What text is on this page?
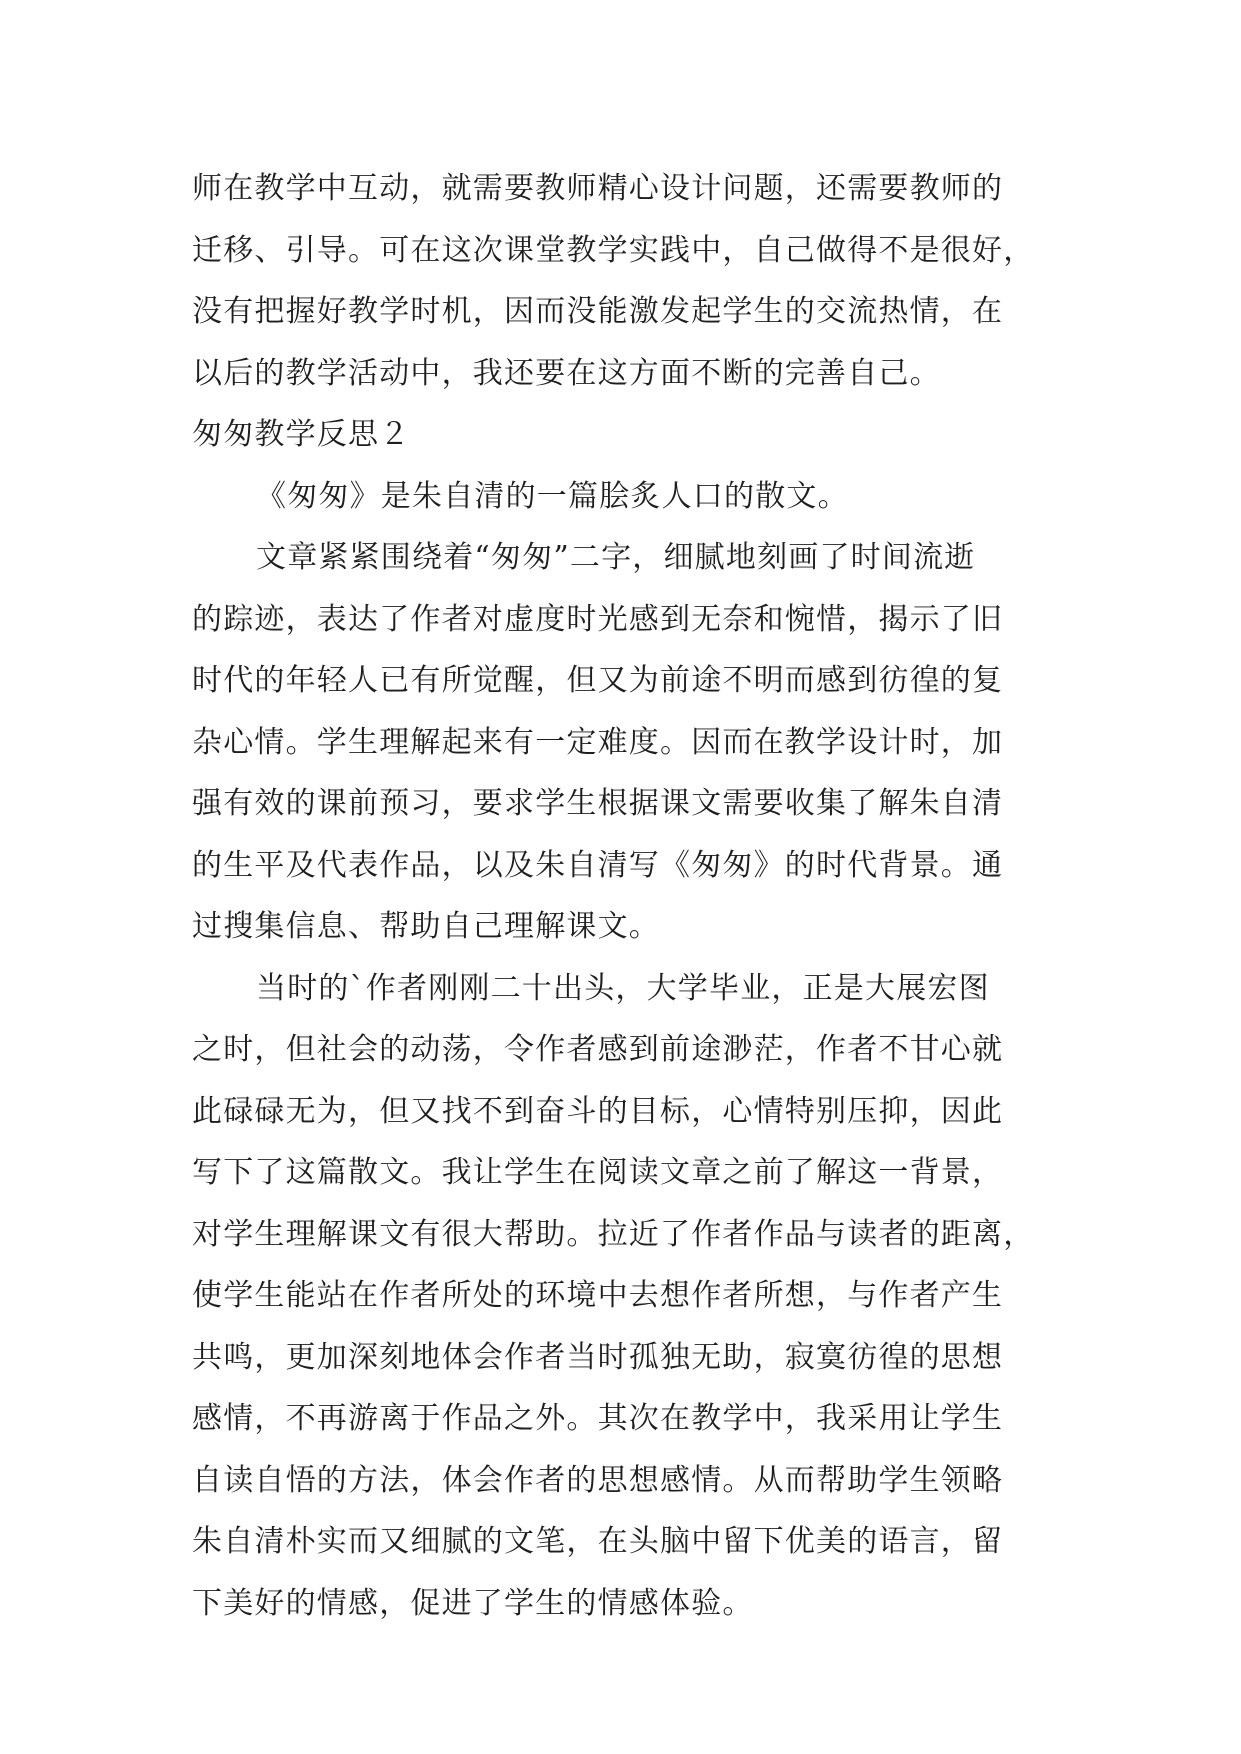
师在教学中互动，就需要教师精心设计问题，还需要教师的
迁移、引导。可在这次课堂教学实践中，自己做得不是很好，
没有把握好教学时机，因而没能激发起学生的交流热情，在
以后的教学活动中，我还要在这方面不断的完善自己。
匆匆教学反思２
《匆匆》是朱自清的一篇脍炙人口的散文。
文章紧紧围绕着“匆匆”二字，细腻地刻画了时间流逝
的踪迹，表达了作者对虚度时光感到无奈和惋惜，揭示了旧
时代的年轻人已有所觉醒，但又为前途不明而感到彷徨的复
杂心情。学生理解起来有一定难度。因而在教学设计时，加
强有效的课前预习，要求学生根据课文需要收集了解朱自清
的生平及代表作品，以及朱自清写《匆匆》的时代背景。通
过搜集信息、帮助自己理解课文。
当时的`作者刚刚二十出头，大学毕业，正是大展宏图
之时，但社会的动荡，令作者感到前途渺茫，作者不甘心就
此碌碌无为，但又找不到奋斗的目标，心情特别压抑，因此
写下了这篇散文。我让学生在阅读文章之前了解这一背景，
对学生理解课文有很大帮助。拉近了作者作品与读者的距离，
使学生能站在作者所处的环境中去想作者所想，与作者产生
共鸣，更加深刻地体会作者当时孤独无助，寂寞彷徨的思想
感情，不再游离于作品之外。其次在教学中，我采用让学生
自读自悟的方法，体会作者的思想感情。从而帮助学生领略
朱自清朴实而又细腻的文笔，在头脑中留下优美的语言，留
下美好的情感，促进了学生的情感体验。
